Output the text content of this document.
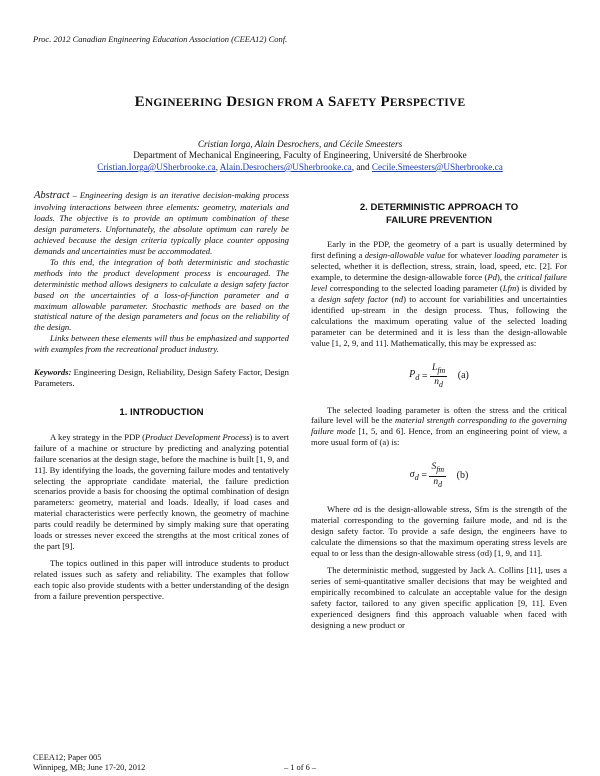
Proc. 2012 Canadian Engineering Education Association (CEEA12) Conf.
ENGINEERING DESIGN FROM A SAFETY PERSPECTIVE
Cristian Iorga, Alain Desrochers, and Cécile Smeesters
Department of Mechanical Engineering, Faculty of Engineering, Université de Sherbrooke
Cristian.Iorga@USherbrooke.ca, Alain.Desrochers@USherbrooke.ca, and Cecile.Smeesters@USherbrooke.ca

Abstract – Engineering design is an iterative decision-making process involving interactions between three elements: geometry, materials and loads. The objective is to provide an optimum combination of these design parameters. Unfortunately, the absolute optimum can rarely be achieved because the design criteria typically place counter opposing demands and uncertainties must be accommodated.

To this end, the integration of both deterministic and stochastic methods into the product development process is encouraged. The deterministic method allows designers to calculate a design safety factor based on the uncertainties of a loss-of-function parameter and a maximum allowable parameter. Stochastic methods are based on the statistical nature of the design parameters and focus on the reliability of the design.

Links between these elements will thus be emphasized and supported with examples from the recreational product industry.

Keywords: Engineering Design, Reliability, Design Safety Factor, Design Parameters.

1. INTRODUCTION

A key strategy in the PDP (Product Development Process) is to avert failure of a machine or structure by predicting and analyzing potential failure scenarios at the design stage, before the machine is built [1, 9, and 11]. By identifying the loads, the governing failure modes and tentatively selecting the appropriate candidate material, the failure prediction scenarios provide a basis for choosing the optimal combination of design parameters: geometry, material and loads. Ideally, if load cases and material characteristics were perfectly known, the geometry of machine parts could readily be determined by simply making sure that operating loads or stresses never exceed the strengths at the most critical zones of the part [9].

The topics outlined in this paper will introduce students to product related issues such as safety and reliability. The examples that follow each topic also provide students with a better understanding of the design from a failure prevention perspective.

2. DETERMINISTIC APPROACH TO
FAILURE PREVENTION

Early in the PDP, the geometry of a part is usually determined by first defining a design-allowable value for whatever loading parameter is selected, whether it is deflection, stress, strain, load, speed, etc. [2]. For example, to determine the design-allowable force (Pd), the critical failure level corresponding to the selected loading parameter (Lfm) is divided by a design safety factor (nd) to account for variabilities and uncertainties identified up-stream in the design process. Thus, following the calculations the maximum operating value of the selected loading parameter can be determined and it is less than the design-allowable value [1, 2, 9, and 11]. Mathematically, this may be expressed as:

$P_d = \frac{L_{fm}}{n_d} (a)$

The selected loading parameter is often the stress and the critical failure level will be the material strength corresponding to the governing failure mode [1, 5, and 6]. Hence, from an engineering point of view, a more usual form of (a) is:

$\sigma_d = \frac{S_{fm}}{n_d} (b)$

Where σd is the design-allowable stress, Sfm is the strength of the material corresponding to the governing failure mode, and nd is the design safety factor. To provide a safe design, the engineers have to calculate the dimensions so that the maximum operating stress levels are equal to or less than the design-allowable stress (σd) [1, 9, and 11].

The deterministic method, suggested by Jack A. Collins [11], uses a series of semi-quantitative smaller decisions that may be weighted and empirically recombined to calculate an acceptable value for the design safety factor, tailored to any given specific application [9, 11]. Even experienced designers find this approach valuable when faced with designing a new product or

CEEA12; Paper 005
Winnipeg, MB; June 17-20, 2012	– 1 of 6 –
